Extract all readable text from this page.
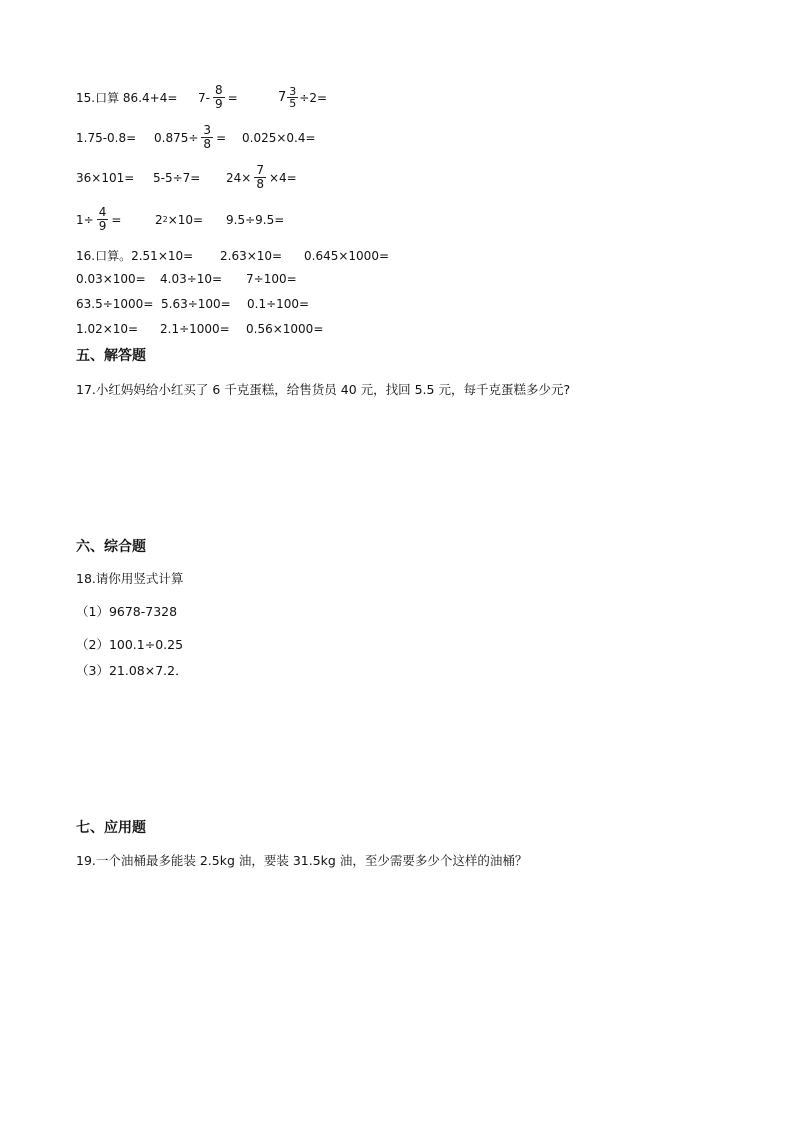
15.口算
$86.4+4= 7- \frac{8}{9}$ =	$7 \frac{3}{5} \div 2=$
1.75-0.8=	$0.875\div \frac{3}{8} = 0.025\times 0.4=$
36×101=	5-5÷7=	$24\times \frac{7}{8} \times 4=$
$1\div \frac{4}{9}$ =	2 2 ×10= 9.5÷9.5=
16.口算。 2.51×10= 2.63×10=	0.645×1000=
0.03×100=	4.03÷10=	7÷100=
63.5÷1000= 5.63÷100=	0.1÷100=
1.02×10=	2.1÷1000=	0.56×1000=
五、解答题
17.小红妈妈给小红买了 6 千克蛋糕，给售货员 40 元，找回 5.5 元，每千克蛋糕多少元?
六、综合题
18.请你用竖式计算
（1）9678-7328
（2）100.1÷0.25
（3）21.08×7.2．
七、应用题
19.一个油桶最多能装 2.5kg 油，要装 31.5kg 油，至少需要多少个这样的油桶？
